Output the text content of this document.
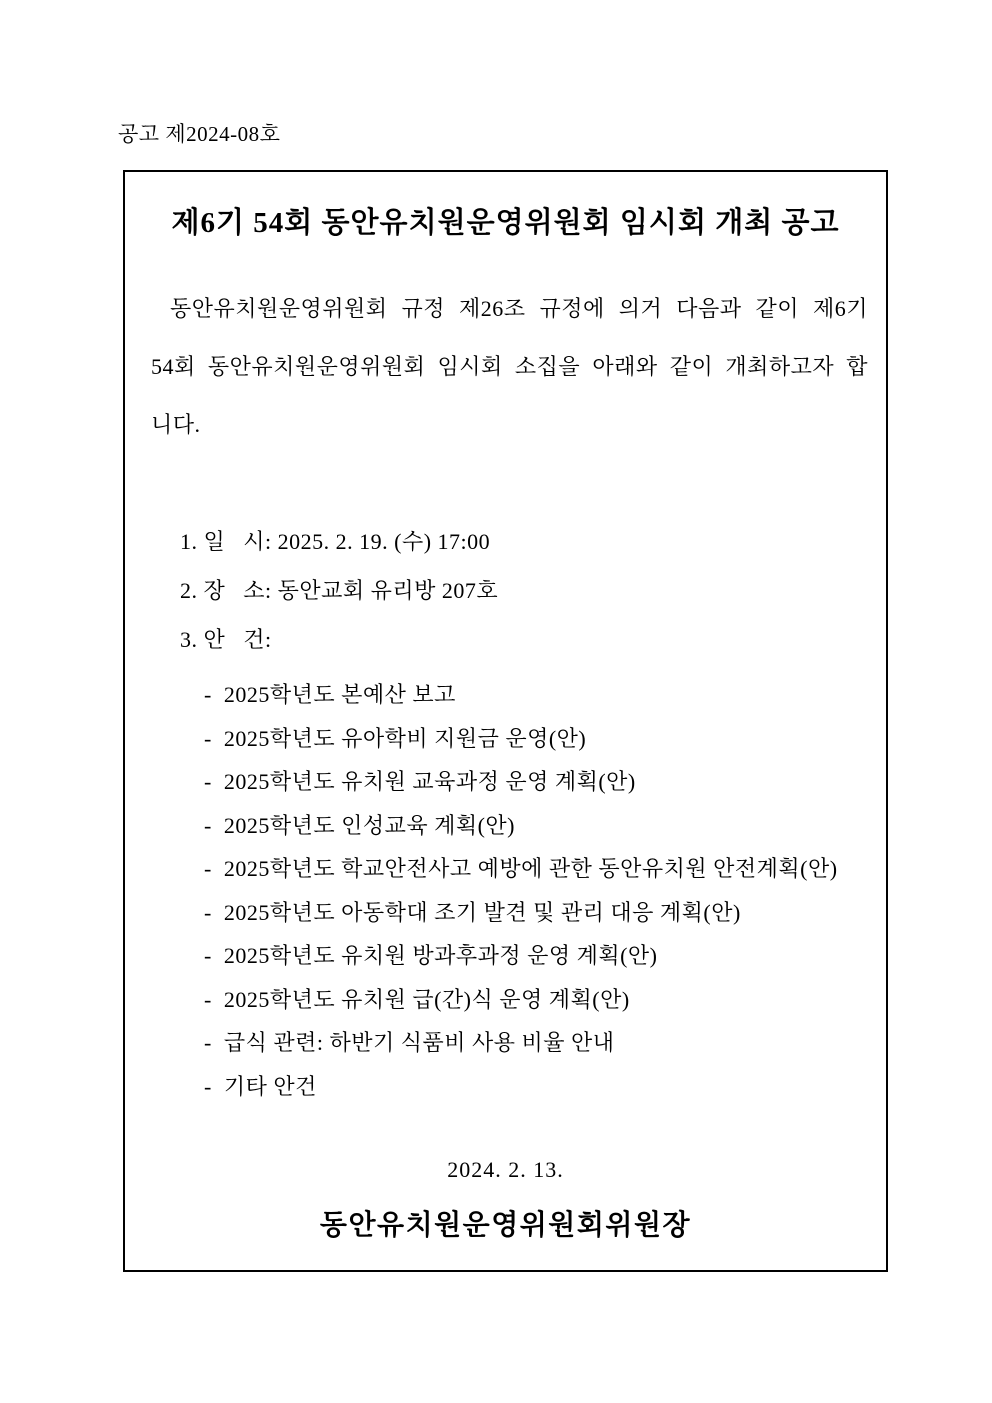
공고 제2024-08호
제6기 54회 동안유치원운영위원회 임시회 개최 공고
동안유치원운영위원회 규정 제26조 규정에 의거 다음과 같이 제6기 54회 동안유치원운영위원회 임시회 소집을 아래와 같이 개최하고자 합니다.
1. 일   시: 2025. 2. 19. (수) 17:00
2. 장   소: 동안교회 유리방 207호
3. 안   건:
-  2025학년도 본예산 보고
-  2025학년도 유아학비 지원금 운영(안)
-  2025학년도 유치원 교육과정 운영 계획(안)
-  2025학년도 인성교육 계획(안)
-  2025학년도 학교안전사고 예방에 관한 동안유치원 안전계획(안)
-  2025학년도 아동학대 조기 발견 및 관리 대응 계획(안)
-  2025학년도 유치원 방과후과정 운영 계획(안)
-  2025학년도 유치원 급(간)식 운영 계획(안)
-  급식 관련: 하반기 식품비 사용 비율 안내
-  기타 안건
2024. 2. 13.
동안유치원운영위원회위원장
